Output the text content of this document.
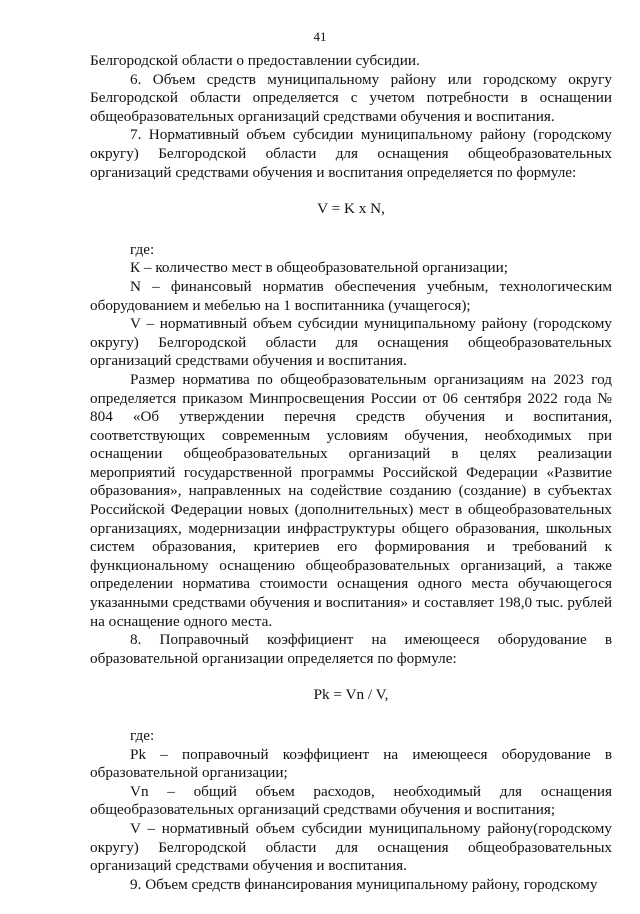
41

Белгородской области о предоставлении субсидии.

6. Объем средств муниципальному району или городскому округу Белгородской области определяется с учетом потребности в оснащении общеобразовательных организаций средствами обучения и воспитания.

7. Нормативный объем субсидии муниципальному району (городскому округу) Белгородской области для оснащения общеобразовательных организаций средствами обучения и воспитания определяется по формуле:

V = K x N,

где:

К – количество мест в общеобразовательной организации;

N – финансовый норматив обеспечения учебным, технологическим оборудованием и мебелью на 1 воспитанника (учащегося);

V – нормативный объем субсидии муниципальному району (городскому округу) Белгородской области для оснащения общеобразовательных организаций средствами обучения и воспитания.

Размер норматива по общеобразовательным организациям на 2023 год определяется приказом Минпросвещения России от 06 сентября 2022 года № 804 «Об утверждении перечня средств обучения и воспитания, соответствующих современным условиям обучения, необходимых при оснащении общеобразовательных организаций в целях реализации мероприятий государственной программы Российской Федерации «Развитие образования», направленных на содействие созданию (создание) в субъектах Российской Федерации новых (дополнительных) мест в общеобразовательных организациях, модернизации инфраструктуры общего образования, школьных систем образования, критериев его формирования и требований к функциональному оснащению общеобразовательных организаций, а также определении норматива стоимости оснащения одного места обучающегося указанными средствами обучения и воспитания» и составляет 198,0 тыс. рублей на оснащение одного места.

8. Поправочный коэффициент на имеющееся оборудование в образовательной организации определяется по формуле:

Pk = Vn / V,

где:

Pk – поправочный коэффициент на имеющееся оборудование в образовательной организации;

Vn – общий объем расходов, необходимый для оснащения общеобразовательных организаций средствами обучения и воспитания;

V – нормативный объем субсидии муниципальному району(городскому округу) Белгородской области для оснащения общеобразовательных организаций средствами обучения и воспитания.

9. Объем средств финансирования муниципальному району, городскому
